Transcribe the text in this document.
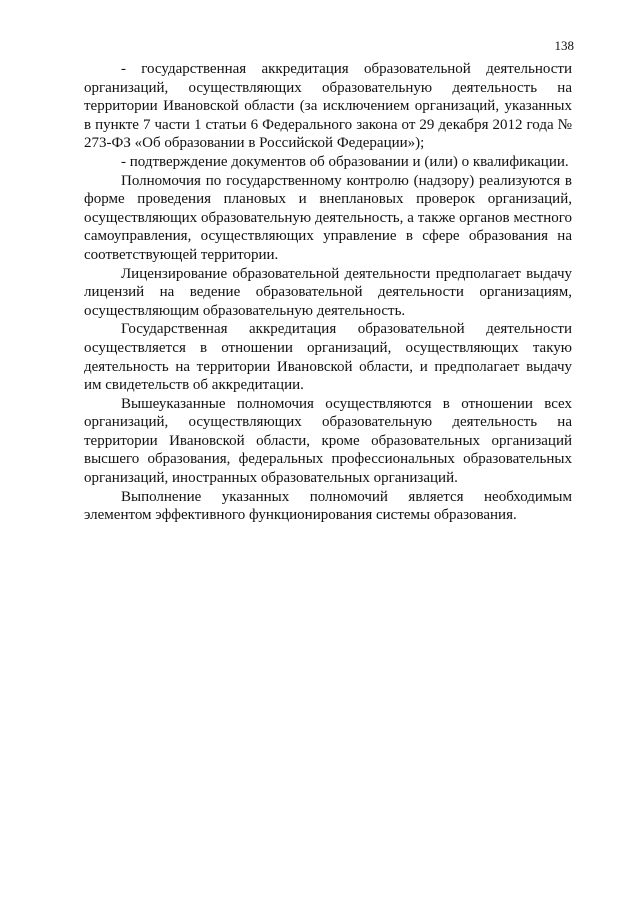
138

- государственная аккредитация образовательной деятельности организаций, осуществляющих образовательную деятельность на территории Ивановской области (за исключением организаций, указанных в пункте 7 части 1 статьи 6 Федерального закона от 29 декабря 2012 года № 273-ФЗ «Об образовании в Российской Федерации»);

- подтверждение документов об образовании и (или) о квалификации.

Полномочия по государственному контролю (надзору) реализуются в форме проведения плановых и внеплановых проверок организаций, осуществляющих образовательную деятельность, а также органов местного самоуправления, осуществляющих управление в сфере образования на соответствующей территории.

Лицензирование образовательной деятельности предполагает выдачу лицензий на ведение образовательной деятельности организациям, осуществляющим образовательную деятельность.

Государственная аккредитация образовательной деятельности осуществляется в отношении организаций, осуществляющих такую деятельность на территории Ивановской области, и предполагает выдачу им свидетельств об аккредитации.

Вышеуказанные полномочия осуществляются в отношении всех организаций, осуществляющих образовательную деятельность на территории Ивановской области, кроме образовательных организаций высшего образования, федеральных профессиональных образовательных организаций, иностранных образовательных организаций.

Выполнение указанных полномочий является необходимым элементом эффективного функционирования системы образования.
